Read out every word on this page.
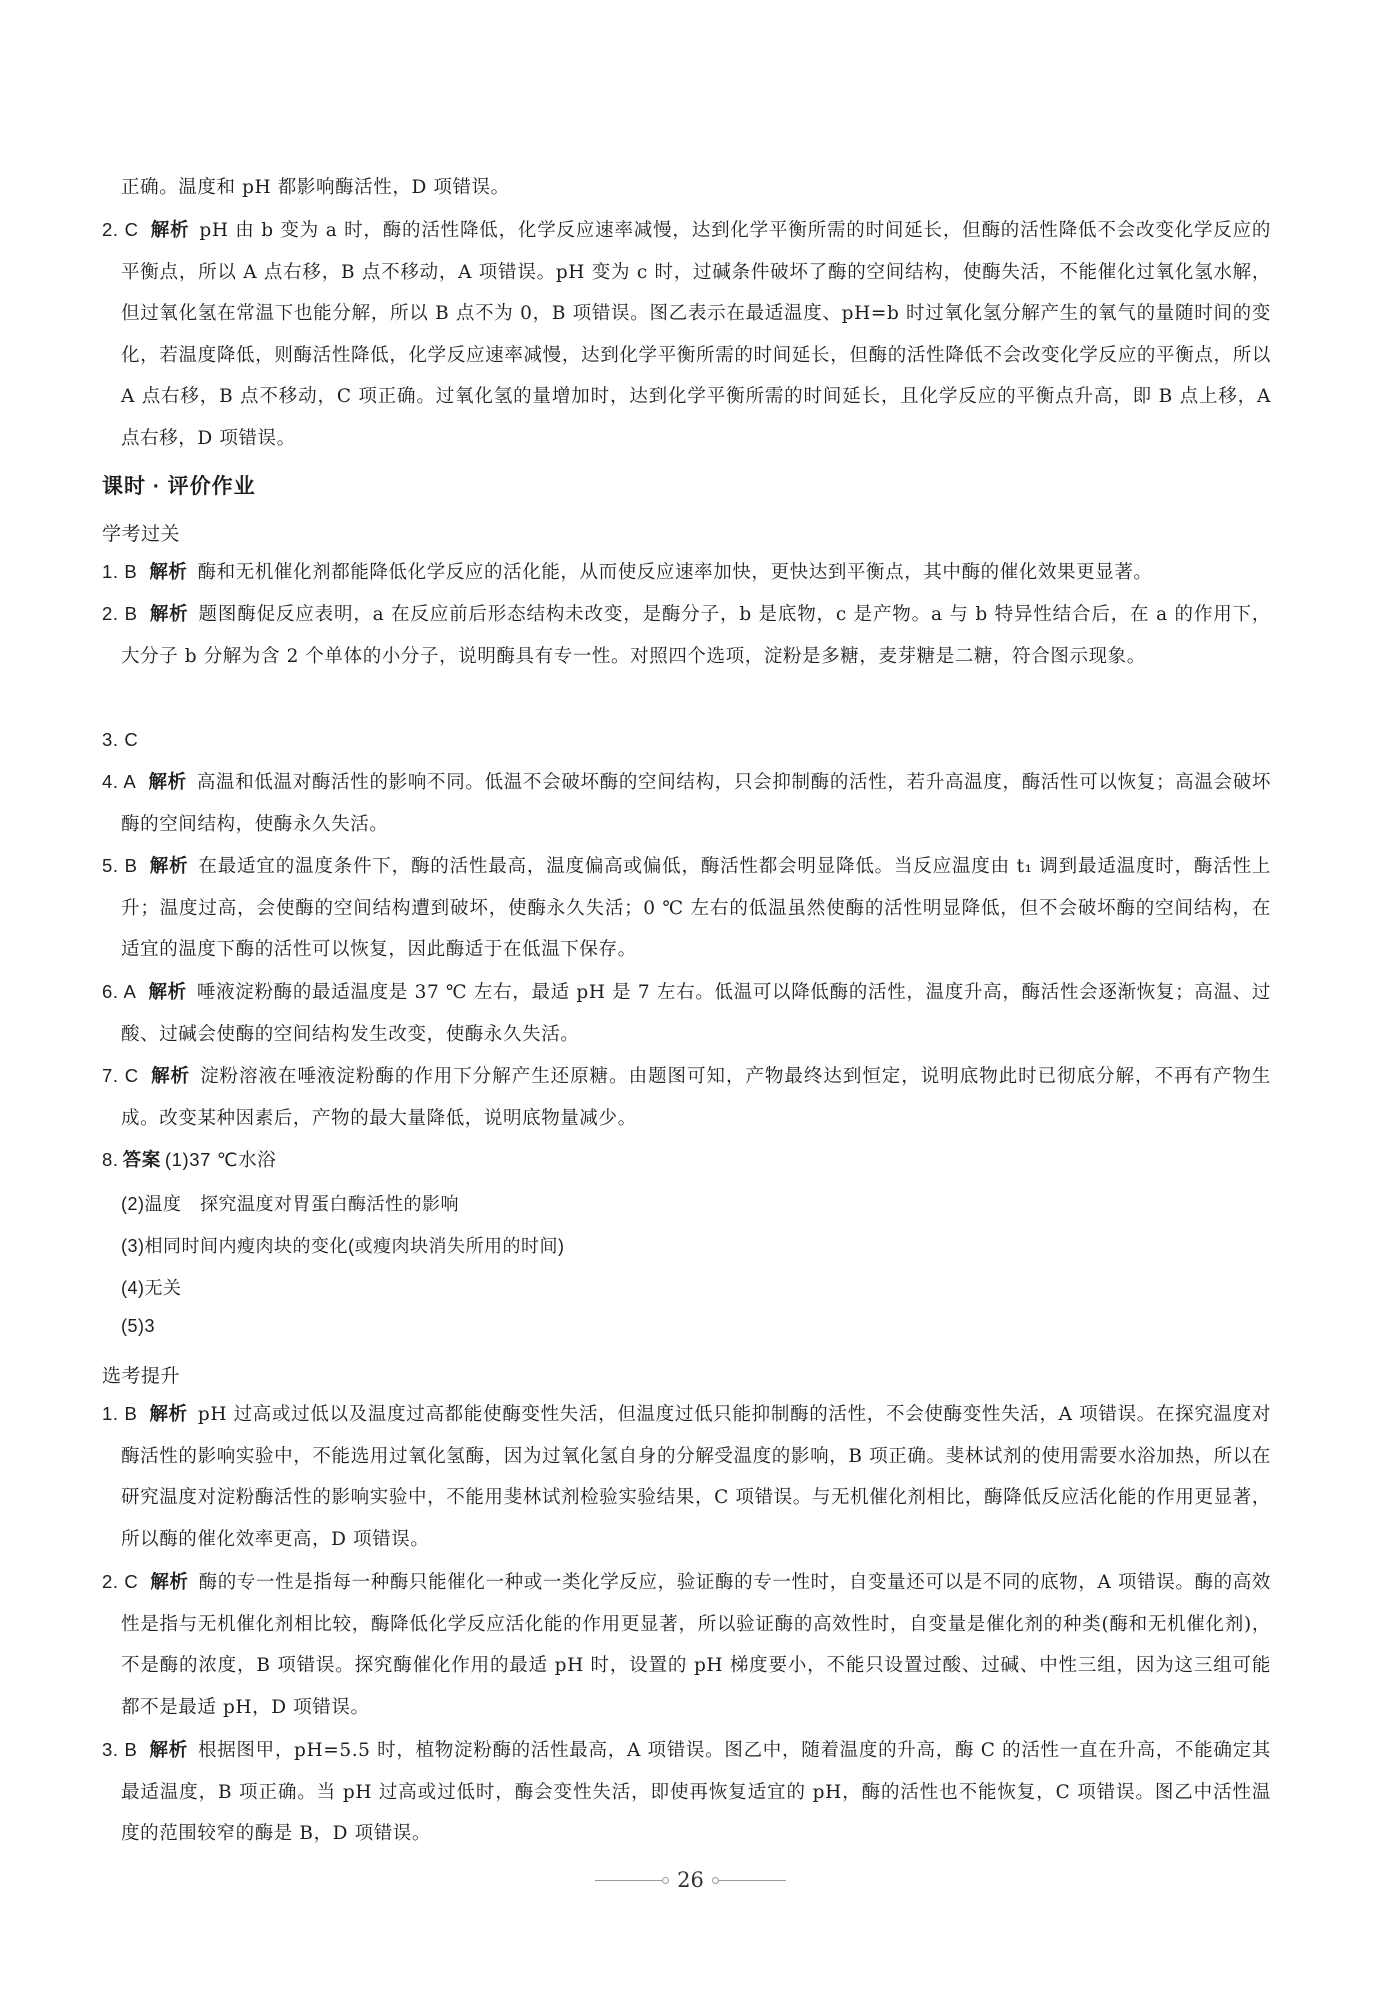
正确。温度和 pH 都影响酶活性，D 项错误。
2. C 解析 pH 由 b 变为 a 时，酶的活性降低，化学反应速率减慢，达到化学平衡所需的时间延长，但酶的活性降低不会改变化学反应的平衡点，所以 A 点右移，B 点不移动，A 项错误。pH 变为 c 时，过碱条件破坏了酶的空间结构，使酶失活，不能催化过氧化氢水解，但过氧化氢在常温下也能分解，所以 B 点不为 0，B 项错误。图乙表示在最适温度、pH=b 时过氧化氢分解产生的氧气的量随时间的变化，若温度降低，则酶活性降低，化学反应速率减慢，达到化学平衡所需的时间延长，但酶的活性降低不会改变化学反应的平衡点，所以 A 点右移，B 点不移动，C 项正确。过氧化氢的量增加时，达到化学平衡所需的时间延长，且化学反应的平衡点升高，即 B 点上移，A 点右移，D 项错误。
课时 · 评价作业
学考过关
1. B 解析 酶和无机催化剂都能降低化学反应的活化能，从而使反应速率加快，更快达到平衡点，其中酶的催化效果更显著。
2. B 解析 题图酶促反应表明，a 在反应前后形态结构未改变，是酶分子，b 是底物，c 是产物。a 与 b 特异性结合后，在 a 的作用下，大分子 b 分解为含 2 个单体的小分子，说明酶具有专一性。对照四个选项，淀粉是多糖，麦芽糖是二糖，符合图示现象。
3. C
4. A 解析 高温和低温对酶活性的影响不同。低温不会破坏酶的空间结构，只会抑制酶的活性，若升高温度，酶活性可以恢复；高温会破坏酶的空间结构，使酶永久失活。
5. B 解析 在最适宜的温度条件下，酶的活性最高，温度偏高或偏低，酶活性都会明显降低。当反应温度由 t₁ 调到最适温度时，酶活性上升；温度过高，会使酶的空间结构遭到破坏，使酶永久失活；0 ℃ 左右的低温虽然使酶的活性明显降低，但不会破坏酶的空间结构，在适宜的温度下酶的活性可以恢复，因此酶适于在低温下保存。
6. A 解析 唾液淀粉酶的最适温度是 37 ℃ 左右，最适 pH 是 7 左右。低温可以降低酶的活性，温度升高，酶活性会逐渐恢复；高温、过酸、过碱会使酶的空间结构发生改变，使酶永久失活。
7. C 解析 淀粉溶液在唾液淀粉酶的作用下分解产生还原糖。由题图可知，产物最终达到恒定，说明底物此时已彻底分解，不再有产物生成。改变某种因素后，产物的最大量降低，说明底物量减少。
8. 答案 (1)37 ℃水浴
(2)温度　探究温度对胃蛋白酶活性的影响
(3)相同时间内瘦肉块的变化(或瘦肉块消失所用的时间)
(4)无关
(5)3
选考提升
1. B 解析 pH 过高或过低以及温度过高都能使酶变性失活，但温度过低只能抑制酶的活性，不会使酶变性失活，A 项错误。在探究温度对酶活性的影响实验中，不能选用过氧化氢酶，因为过氧化氢自身的分解受温度的影响，B 项正确。斐林试剂的使用需要水浴加热，所以在研究温度对淀粉酶活性的影响实验中，不能用斐林试剂检验实验结果，C 项错误。与无机催化剂相比，酶降低反应活化能的作用更显著，所以酶的催化效率更高，D 项错误。
2. C 解析 酶的专一性是指每一种酶只能催化一种或一类化学反应，验证酶的专一性时，自变量还可以是不同的底物，A 项错误。酶的高效性是指与无机催化剂相比较，酶降低化学反应活化能的作用更显著，所以验证酶的高效性时，自变量是催化剂的种类(酶和无机催化剂)，不是酶的浓度，B 项错误。探究酶催化作用的最适 pH 时，设置的 pH 梯度要小，不能只设置过酸、过碱、中性三组，因为这三组可能都不是最适 pH，D 项错误。
3. B 解析 根据图甲，pH=5.5 时，植物淀粉酶的活性最高，A 项错误。图乙中，随着温度的升高，酶 C 的活性一直在升高，不能确定其最适温度，B 项正确。当 pH 过高或过低时，酶会变性失活，即使再恢复适宜的 pH，酶的活性也不能恢复，C 项错误。图乙中活性温度的范围较窄的酶是 B，D 项错误。
26
